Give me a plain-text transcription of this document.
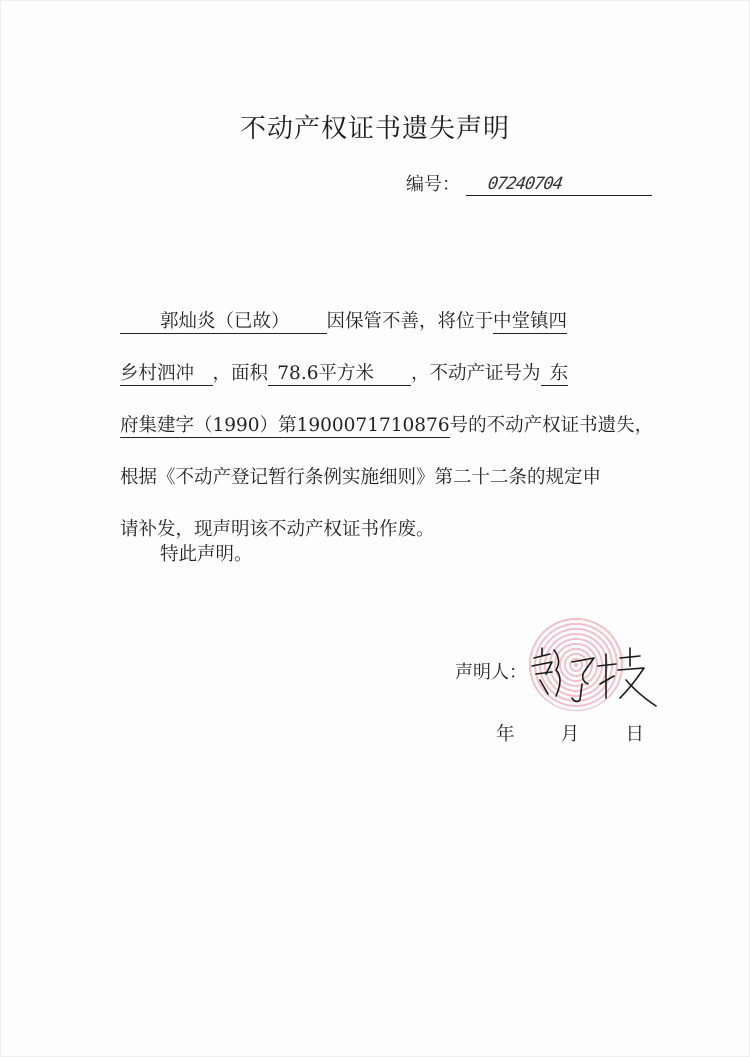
不动产权证书遗失声明
编号： 07240704
郭灿炎（已故）   因保管不善，将位于中堂镇四
乡村泗冲  ，面积  78.6平方米   ，不动产证号为  东
府集建字（1990）第1900071710876号的不动产权证书遗失，
根据《不动产登记暂行条例实施细则》第二十二条的规定申
请补发，现声明该不动产权证书作废。
特此声明。
声明人：
年   	月   	日
